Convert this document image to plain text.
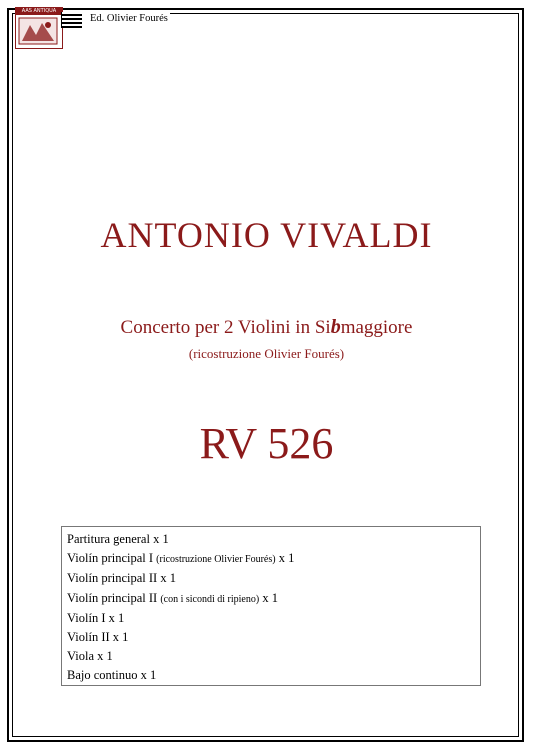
AAS ANTIQUA
Ed. Olivier Fourés
ANTONIO VIVALDI
Concerto per 2 Violini in Sibmaggiore
(ricostruzione Olivier Fourés)
RV 526
Partitura general x 1
Violín principal I (ricostruzione Olivier Fourés) x 1
Violín principal II x 1
Violín principal II (con i sicondi di ripieno) x 1
Violín I x 1
Violín II x 1
Viola x 1
Bajo continuo x 1
